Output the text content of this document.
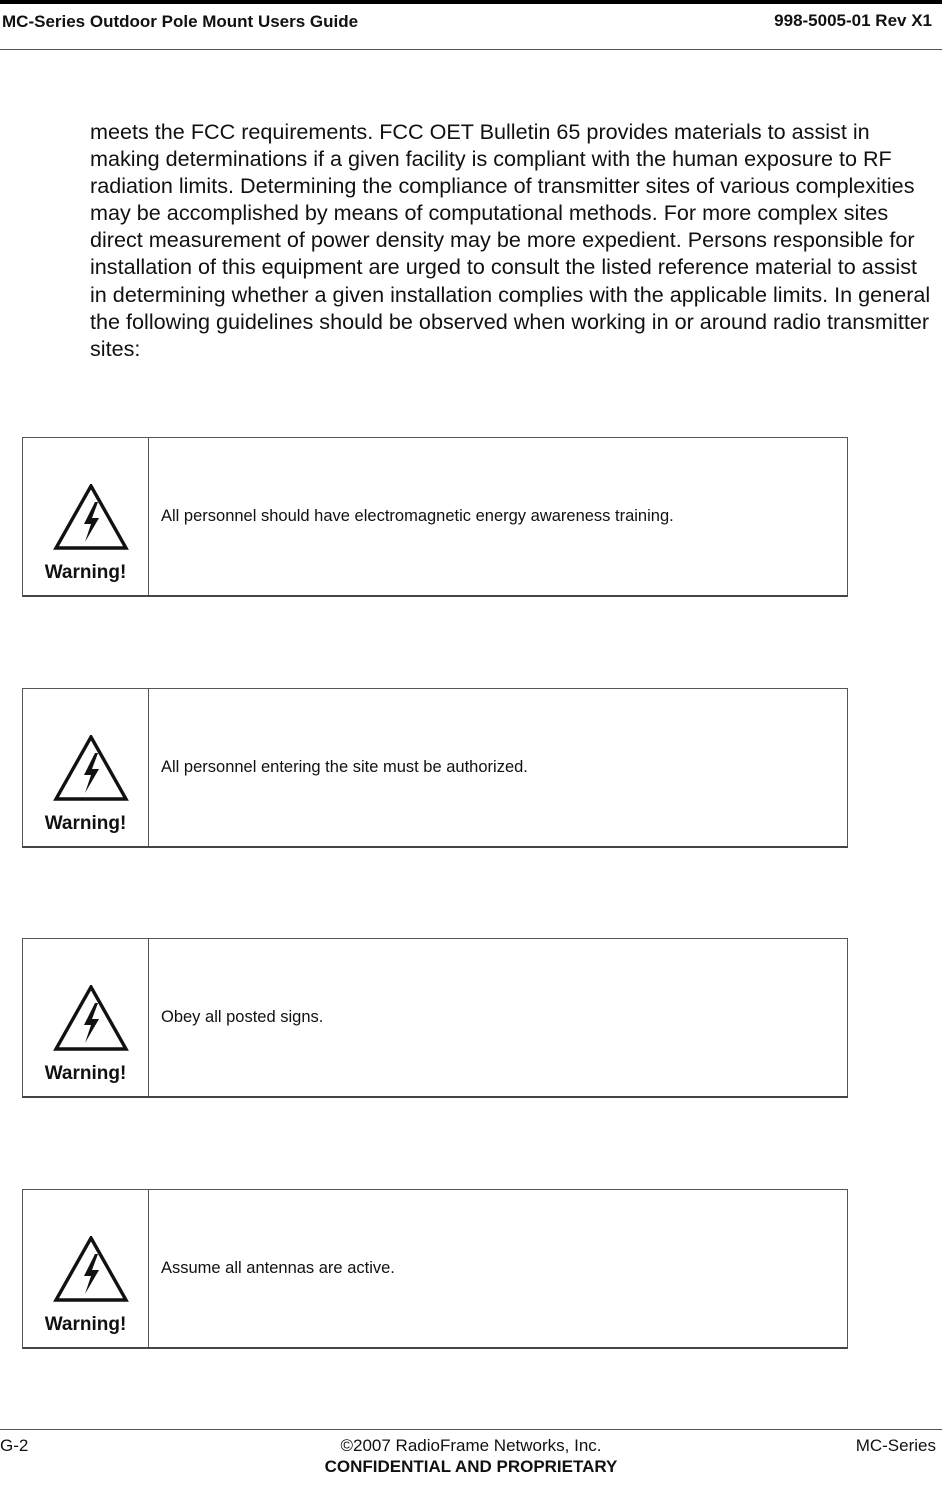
MC-Series Outdoor Pole Mount Users Guide	998-5005-01 Rev X1

meets the FCC requirements. FCC OET Bulletin 65 provides materials to assist in making determinations if a given facility is compliant with the human exposure to RF radiation limits. Determining the compliance of transmitter sites of various complexities may be accomplished by means of computational methods. For more complex sites direct measurement of power density may be more expedient. Persons responsible for installation of this equipment are urged to consult the listed reference material to assist in determining whether a given installation complies with the applicable limits. In general the following guidelines should be observed when working in or around radio transmitter sites:

Warning!
All personnel should have electromagnetic energy awareness training.
Warning!
All personnel entering the site must be authorized.
Warning!
Obey all posted signs.
Warning!
Assume all antennas are active.
G-2	©2007 RadioFrame Networks, Inc.	MC-Series
CONFIDENTIAL AND PROPRIETARY
